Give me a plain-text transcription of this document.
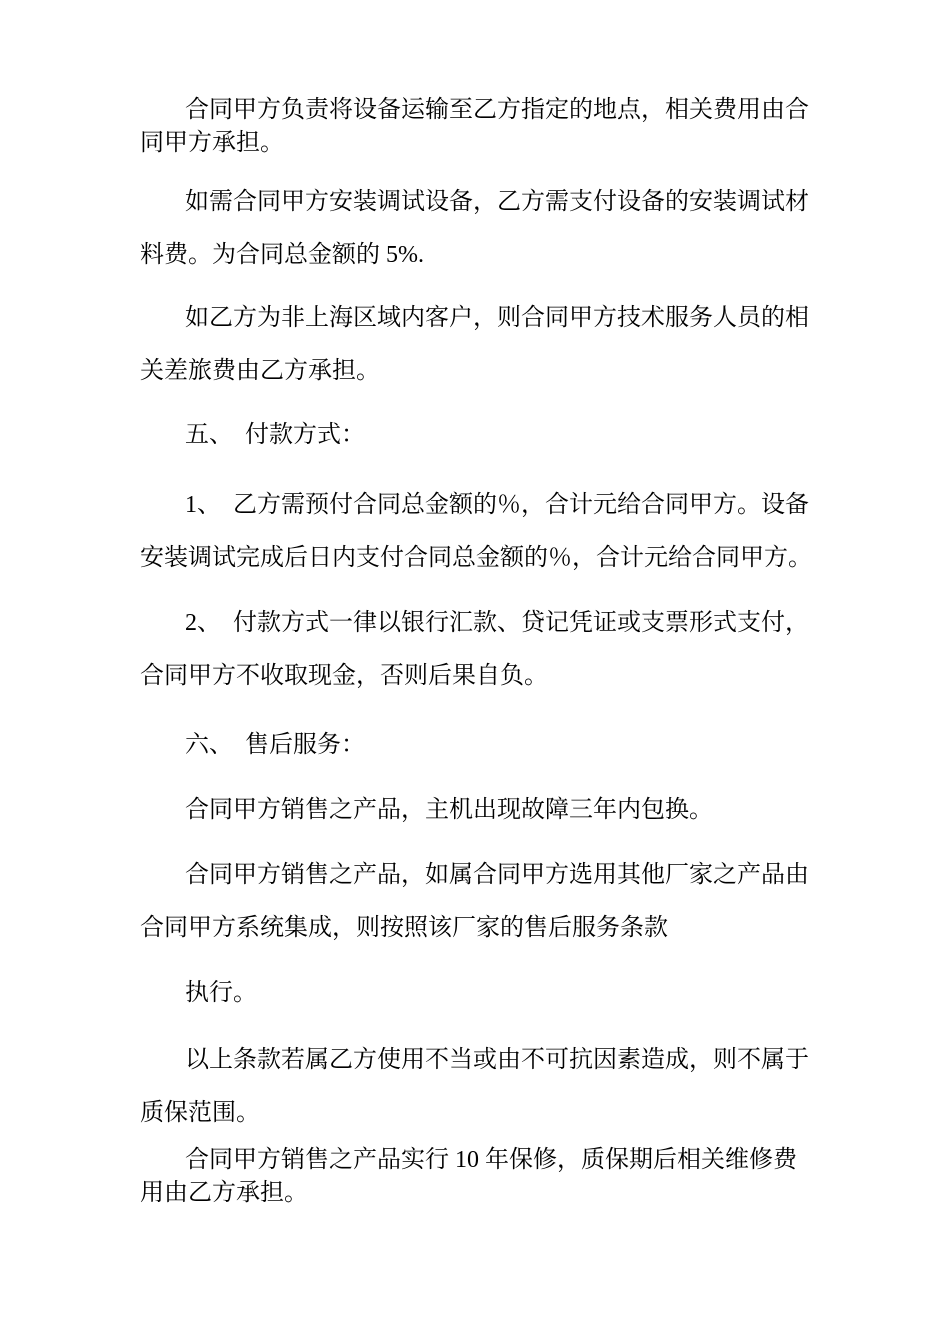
合同甲方负责将设备运输至乙方指定的地点，相关费用由合同甲方承担。

如需合同甲方安装调试设备，乙方需支付设备的安装调试材料费。为合同总金额的 5%.

如乙方为非上海区域内客户，则合同甲方技术服务人员的相关差旅费由乙方承担。

五、　付款方式：

1、　乙方需预付合同总金额的％，合计元给合同甲方。设备安装调试完成后日内支付合同总金额的％，合计元给合同甲方。

2、　付款方式一律以银行汇款、贷记凭证或支票形式支付，合同甲方不收取现金，否则后果自负。

六、　售后服务：

合同甲方销售之产品，主机出现故障三年内包换。

合同甲方销售之产品，如属合同甲方选用其他厂家之产品由合同甲方系统集成，则按照该厂家的售后服务条款

执行。

以上条款若属乙方使用不当或由不可抗因素造成，则不属于质保范围。

合同甲方销售之产品实行 10 年保修，质保期后相关维修费 用由乙方承担。
